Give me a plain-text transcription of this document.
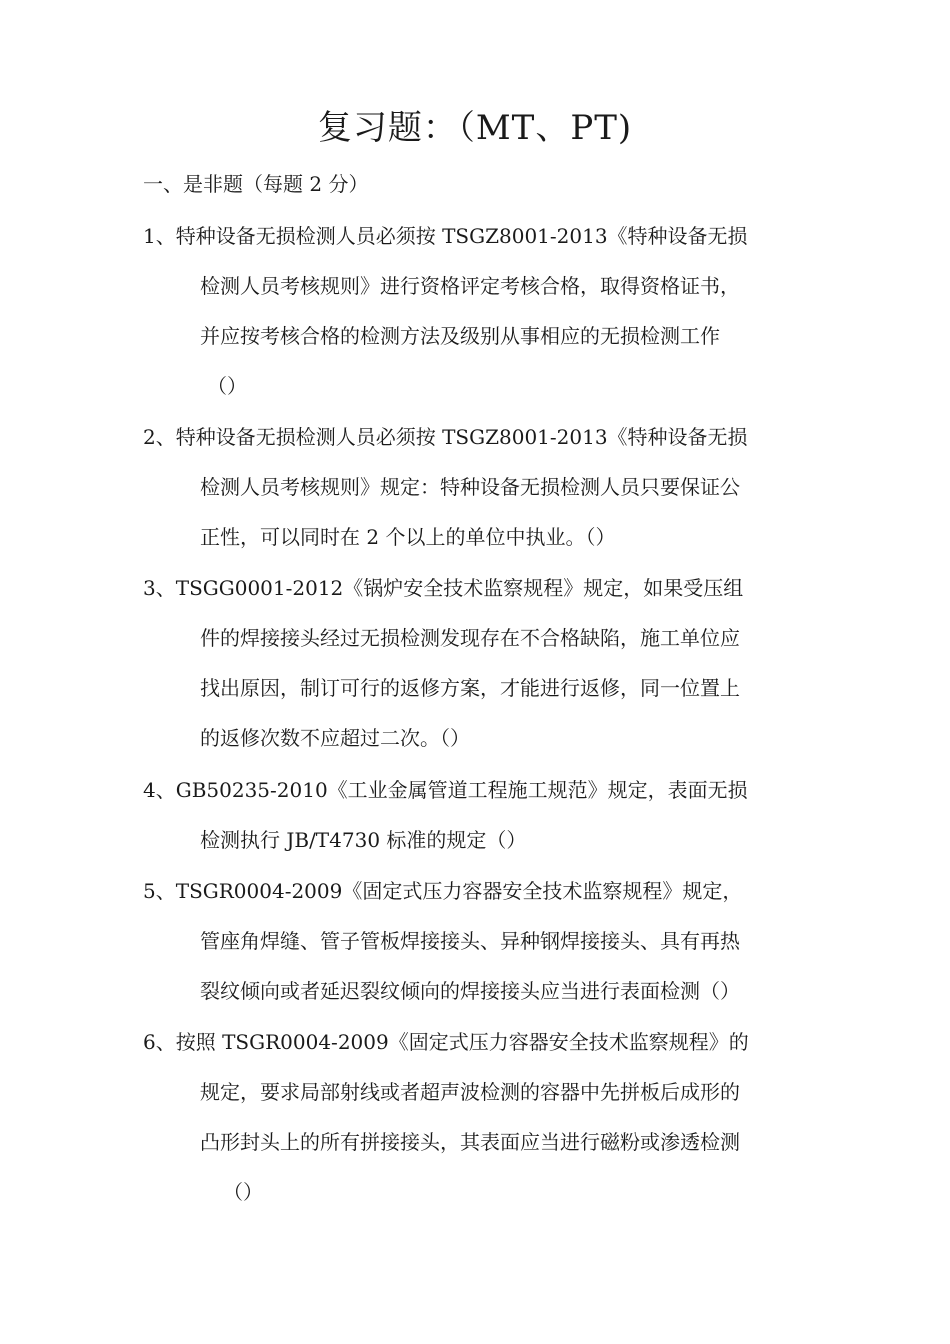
复习题：（MT、PT)
一、是非题（每题 2 分）
1、特种设备无损检测人员必须按 TSGZ8001-2013《特种设备无损
检测人员考核规则》进行资格评定考核合格，取得资格证书，
并应按考核合格的检测方法及级别从事相应的无损检测工作
（）
2、特种设备无损检测人员必须按 TSGZ8001-2013《特种设备无损
检测人员考核规则》规定：特种设备无损检测人员只要保证公
正性，可以同时在 2 个以上的单位中执业。（）
3、TSGG0001-2012《锅炉安全技术监察规程》规定，如果受压组
件的焊接接头经过无损检测发现存在不合格缺陷，施工单位应
找出原因，制订可行的返修方案，才能进行返修，同一位置上
的返修次数不应超过二次。（）
4、GB50235-2010《工业金属管道工程施工规范》规定，表面无损
检测执行 JB/T4730 标准的规定（）
5、TSGR0004-2009《固定式压力容器安全技术监察规程》规定，
管座角焊缝、管子管板焊接接头、异种钢焊接接头、具有再热
裂纹倾向或者延迟裂纹倾向的焊接接头应当进行表面检测（）
6、按照 TSGR0004-2009《固定式压力容器安全技术监察规程》的
规定，要求局部射线或者超声波检测的容器中先拼板后成形的
凸形封头上的所有拼接接头，其表面应当进行磁粉或渗透检测
（）
